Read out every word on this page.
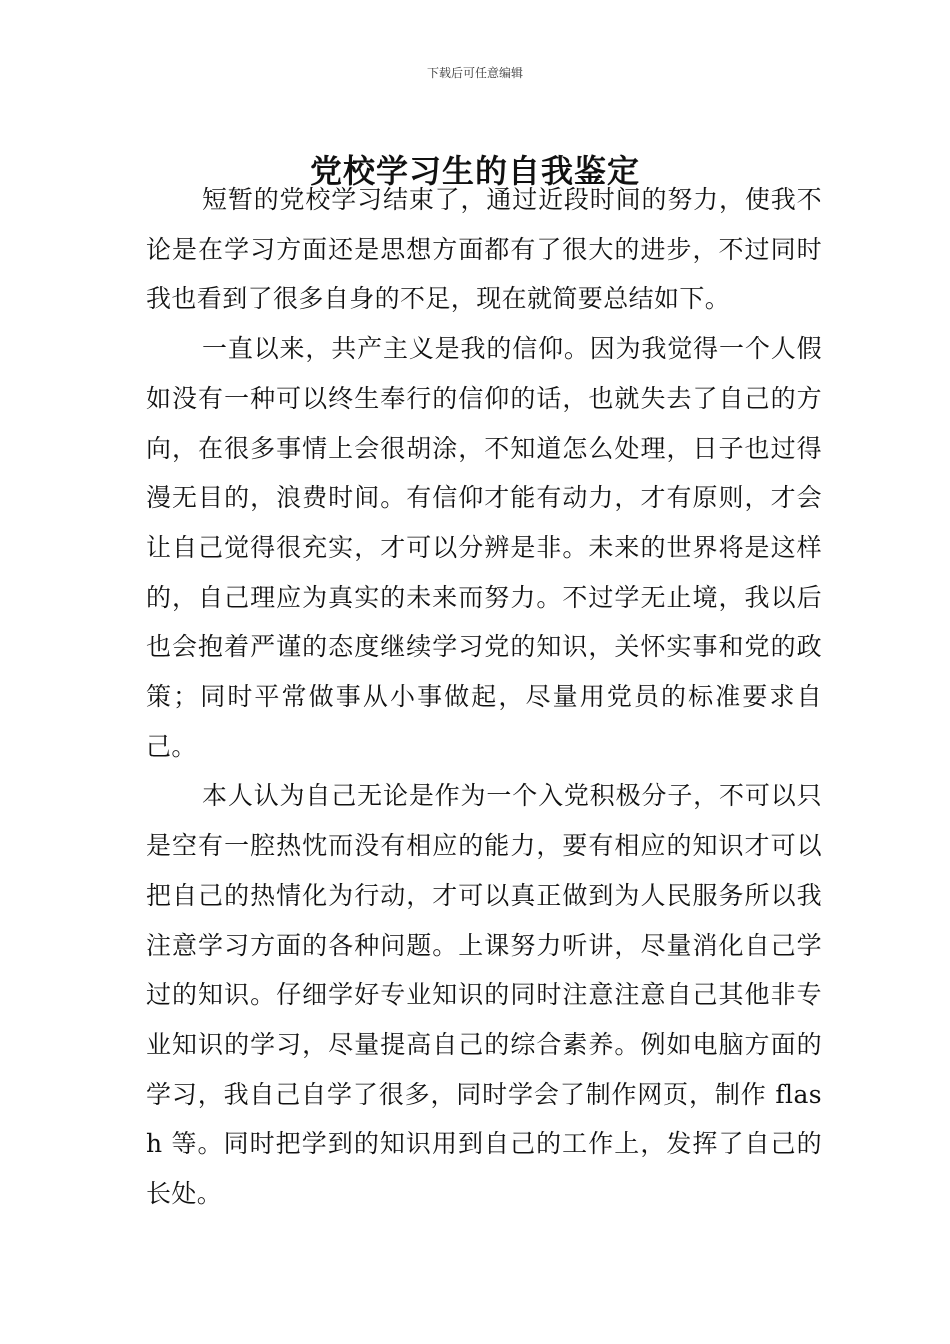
下载后可任意编辑
党校学习生的自我鉴定

短暂的党校学习结束了，通过近段时间的努力，使我不论是在学习方面还是思想方面都有了很大的进步，不过同时我也看到了很多自身的不足，现在就简要总结如下。

一直以来，共产主义是我的信仰。因为我觉得一个人假如没有一种可以终生奉行的信仰的话，也就失去了自己的方向，在很多事情上会很胡涂，不知道怎么处理，日子也过得漫无目的，浪费时间。有信仰才能有动力，才有原则，才会让自己觉得很充实，才可以分辨是非。未来的世界将是这样的，自己理应为真实的未来而努力。不过学无止境，我以后也会抱着严谨的态度继续学习党的知识，关怀实事和党的政策；同时平常做事从小事做起，尽量用党员的标准要求自己。

本人认为自己无论是作为一个入党积极分子，不可以只是空有一腔热忱而没有相应的能力，要有相应的知识才可以把自己的热情化为行动，才可以真正做到为人民服务所以我注意学习方面的各种问题。上课努力听讲，尽量消化自己学过的知识。仔细学好专业知识的同时注意注意自己其他非专业知识的学习，尽量提高自己的综合素养。例如电脑方面的学习，我自己自学了很多，同时学会了制作网页，制作 flash 等。同时把学到的知识用到自己的工作上，发挥了自己的长处。
